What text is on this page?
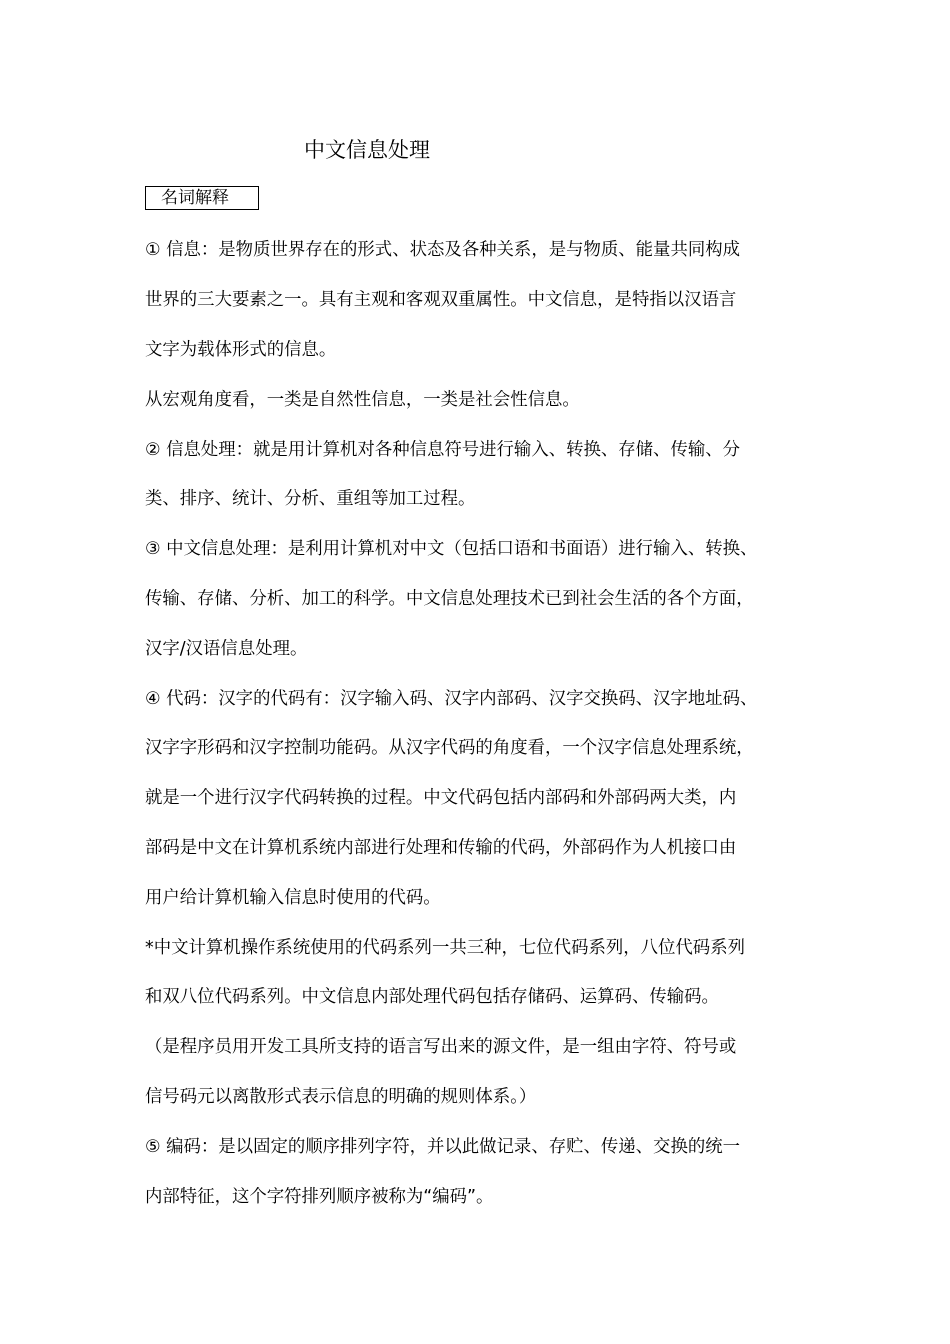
中文信息处理
名词解释
① 信息：是物质世界存在的形式、状态及各种关系，是与物质、能量共同构成
世界的三大要素之一。具有主观和客观双重属性。中文信息，是特指以汉语言
文字为载体形式的信息。
从宏观角度看，一类是自然性信息，一类是社会性信息。
② 信息处理：就是用计算机对各种信息符号进行输入、转换、存储、传输、分
类、排序、统计、分析、重组等加工过程。
③ 中文信息处理：是利用计算机对中文（包括口语和书面语）进行输入、转换、
传输、存储、分析、加工的科学。中文信息处理技术已到社会生活的各个方面，
汉字/汉语信息处理。
④ 代码：汉字的代码有：汉字输入码、汉字内部码、汉字交换码、汉字地址码、
汉字字形码和汉字控制功能码。从汉字代码的角度看，一个汉字信息处理系统，
就是一个进行汉字代码转换的过程。中文代码包括内部码和外部码两大类，内
部码是中文在计算机系统内部进行处理和传输的代码，外部码作为人机接口由
用户给计算机输入信息时使用的代码。
*中文计算机操作系统使用的代码系列一共三种，七位代码系列，八位代码系列
和双八位代码系列。中文信息内部处理代码包括存储码、运算码、传输码。
（是程序员用开发工具所支持的语言写出来的源文件，是一组由字符、符号或
信号码元以离散形式表示信息的明确的规则体系。）
⑤ 编码：是以固定的顺序排列字符，并以此做记录、存贮、传递、交换的统一
内部特征，这个字符排列顺序被称为“编码”。
